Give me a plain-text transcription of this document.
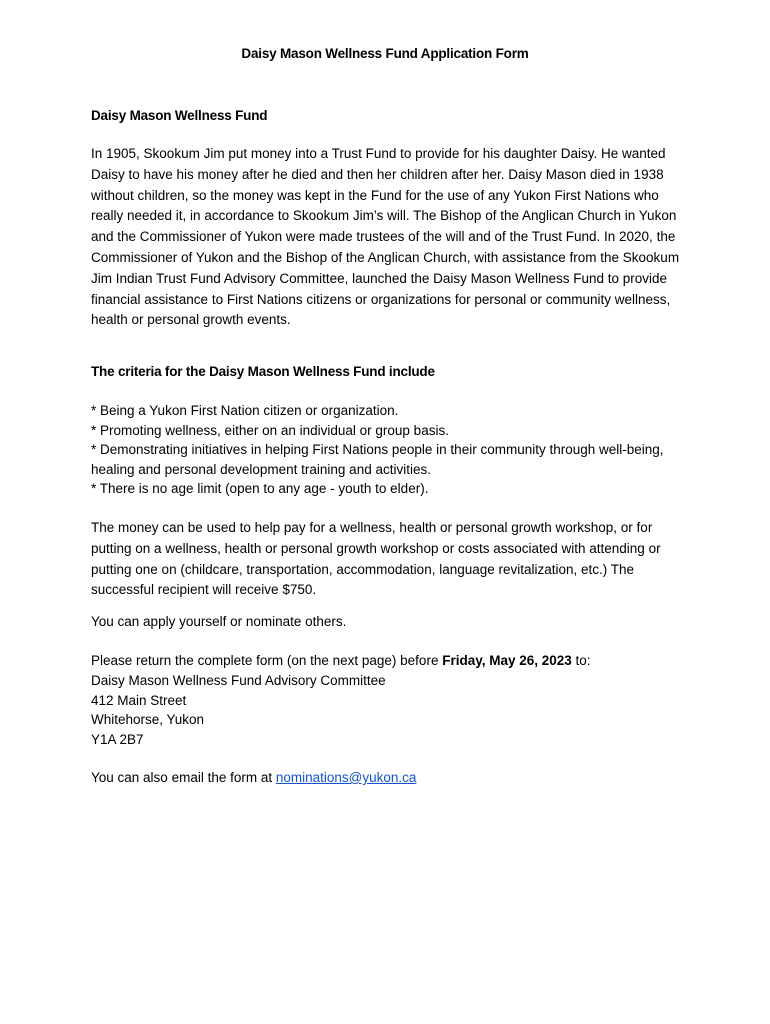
Daisy Mason Wellness Fund Application Form
Daisy Mason Wellness Fund

In 1905, Skookum Jim put money into a Trust Fund to provide for his daughter Daisy. He wanted Daisy to have his money after he died and then her children after her. Daisy Mason died in 1938 without children, so the money was kept in the Fund for the use of any Yukon First Nations who really needed it, in accordance to Skookum Jim’s will. The Bishop of the Anglican Church in Yukon and the Commissioner of Yukon were made trustees of the will and of the Trust Fund. In 2020, the Commissioner of Yukon and the Bishop of the Anglican Church, with assistance from the Skookum Jim Indian Trust Fund Advisory Committee, launched the Daisy Mason Wellness Fund to provide financial assistance to First Nations citizens or organizations for personal or community wellness, health or personal growth events.

The criteria for the Daisy Mason Wellness Fund include
* Being a Yukon First Nation citizen or organization.
* Promoting wellness, either on an individual or group basis.
* Demonstrating initiatives in helping First Nations people in their community through well-being, healing and personal development training and activities.
* There is no age limit (open to any age - youth to elder).

The money can be used to help pay for a wellness, health or personal growth workshop, or for putting on a wellness, health or personal growth workshop or costs associated with attending or putting one on (childcare, transportation, accommodation, language revitalization, etc.) The successful recipient will receive $750.

You can apply yourself or nominate others.

Please return the complete form (on the next page) before Friday, May 26, 2023 to:

Daisy Mason Wellness Fund Advisory Committee
412 Main Street
Whitehorse, Yukon
Y1A 2B7

You can also email the form at nominations@yukon.ca
